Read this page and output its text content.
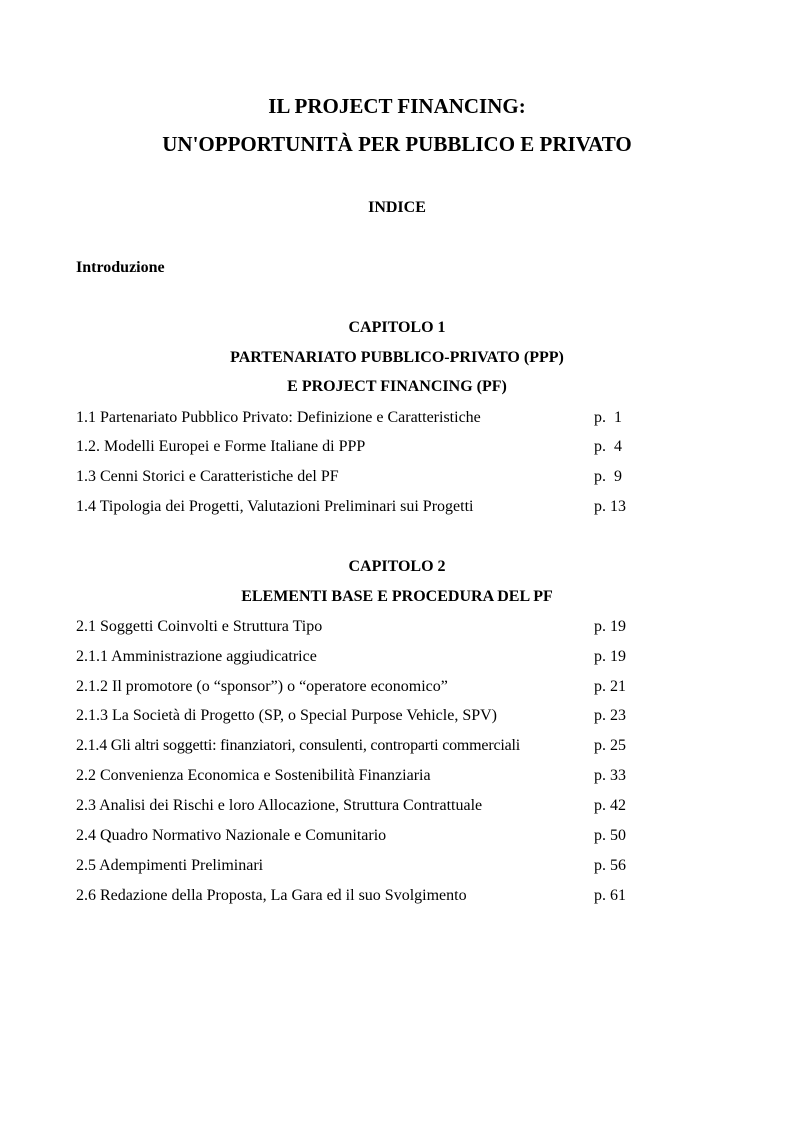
IL PROJECT FINANCING:
UN'OPPORTUNITÀ PER PUBBLICO E PRIVATO
INDICE
Introduzione
CAPITOLO 1
PARTENARIATO PUBBLICO-PRIVATO (PPP)
E PROJECT FINANCING (PF)
1.1 Partenariato Pubblico Privato: Definizione e Caratteristiche	p.  1
1.2. Modelli Europei e Forme Italiane di PPP	p.  4
1.3 Cenni Storici e Caratteristiche del PF	p.  9
1.4 Tipologia dei Progetti, Valutazioni Preliminari sui Progetti	p. 13
CAPITOLO 2
ELEMENTI BASE E PROCEDURA DEL PF
2.1 Soggetti Coinvolti e Struttura Tipo	p. 19
2.1.1 Amministrazione aggiudicatrice	p. 19
2.1.2 Il promotore (o “sponsor”) o “operatore economico”	p. 21
2.1.3 La Società di Progetto (SP, o Special Purpose Vehicle, SPV)	p. 23
2.1.4 Gli altri soggetti: finanziatori, consulenti, controparti commerciali	p. 25
2.2 Convenienza Economica e Sostenibilità Finanziaria	p. 33
2.3 Analisi dei Rischi e loro Allocazione, Struttura Contrattuale	p. 42
2.4 Quadro Normativo Nazionale e Comunitario	p. 50
2.5 Adempimenti Preliminari	p. 56
2.6 Redazione della Proposta, La Gara ed il suo Svolgimento	p. 61
